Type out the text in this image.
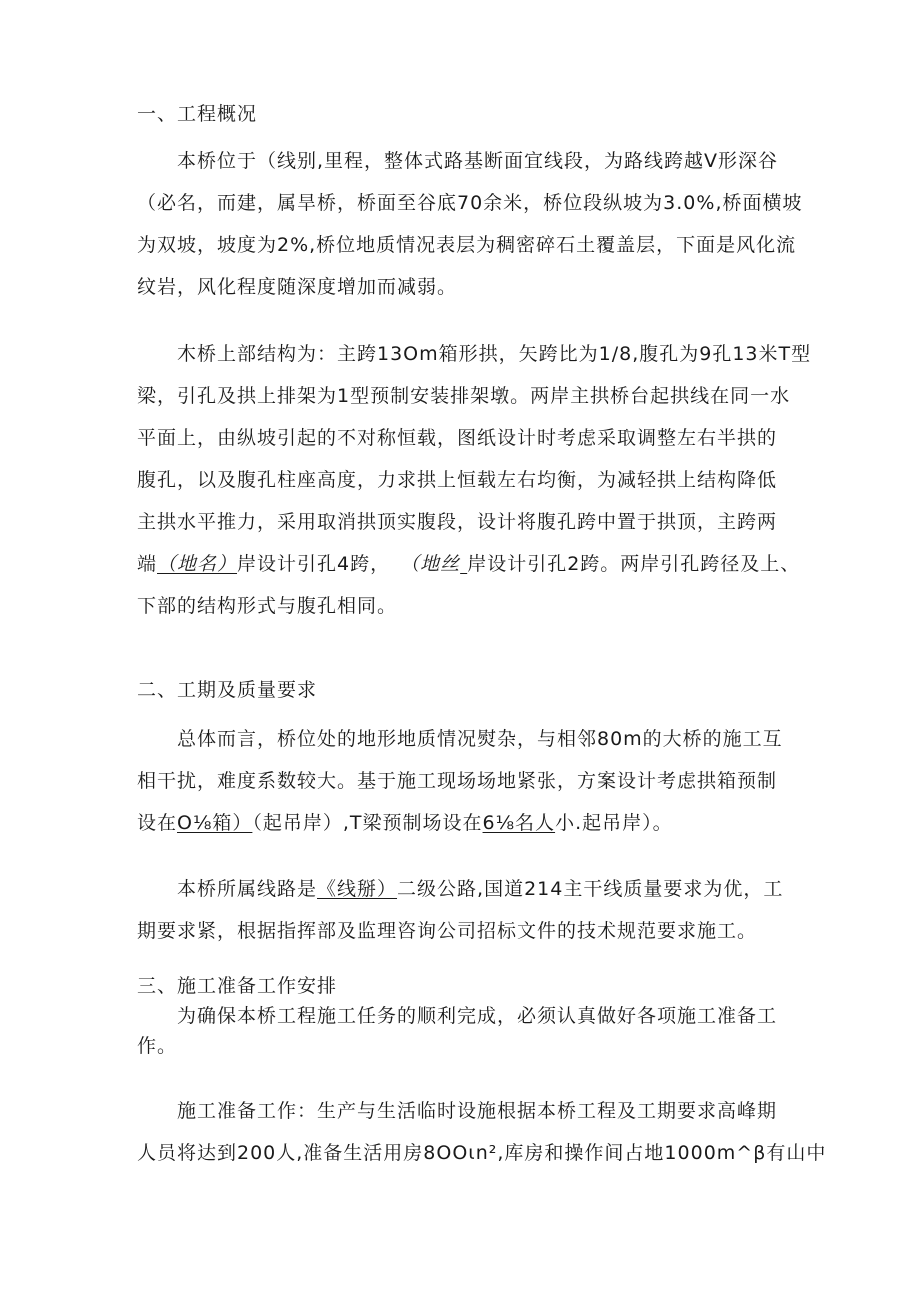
一、工程概况
本桥位于（线别,里程，整体式路基断面宜线段，为路线跨越V形深谷
（必名，而建，属旱桥，桥面至谷底70余米，桥位段纵坡为3.0%,桥面横坡
为双坡，坡度为2%,桥位地质情况表层为稠密碎石土覆盖层，下面是风化流
纹岩，风化程度随深度增加而减弱。
木桥上部结构为：主跨13Om箱形拱，矢跨比为1/8,腹孔为9孔13米T型
梁，引孔及拱上排架为1型预制安装排架墩。两岸主拱桥台起拱线在同一水
平面上，由纵坡引起的不对称恒载，图纸设计时考虑采取调整左右半拱的
腹孔，以及腹孔柱座高度，力求拱上恒载左右均衡，为减轻拱上结构降低
主拱水平推力，采用取消拱顶实腹段，设计将腹孔跨中置于拱顶，主跨两
端（地名）岸设计引孔4跨， （地丝 岸设计引孔2跨。两岸引孔跨径及上、
下部的结构形式与腹孔相同。
二、工期及质量要求
总体而言，桥位处的地形地质情况熨杂，与相邻80m的大桥的施工互
相干扰，难度系数较大。基于施工现场场地紧张，方案设计考虑拱箱预制
设在O⅛箱）（起吊岸）,T梁预制场设在6⅛名人小.起吊岸）。
本桥所属线路是《线掰）二级公路,国道214主干线质量要求为优，工
期要求紧，根据指挥部及监理咨询公司招标文件的技术规范要求施工。
三、施工准备工作安排
为确保本桥工程施工任务的顺利完成，必须认真做好各项施工准备工
作。
施工准备工作：生产与生活临时设施根据本桥工程及工期要求高峰期
人员将达到200人,准备生活用房8OOιn²,库房和操作间占地1000m^β有山中
